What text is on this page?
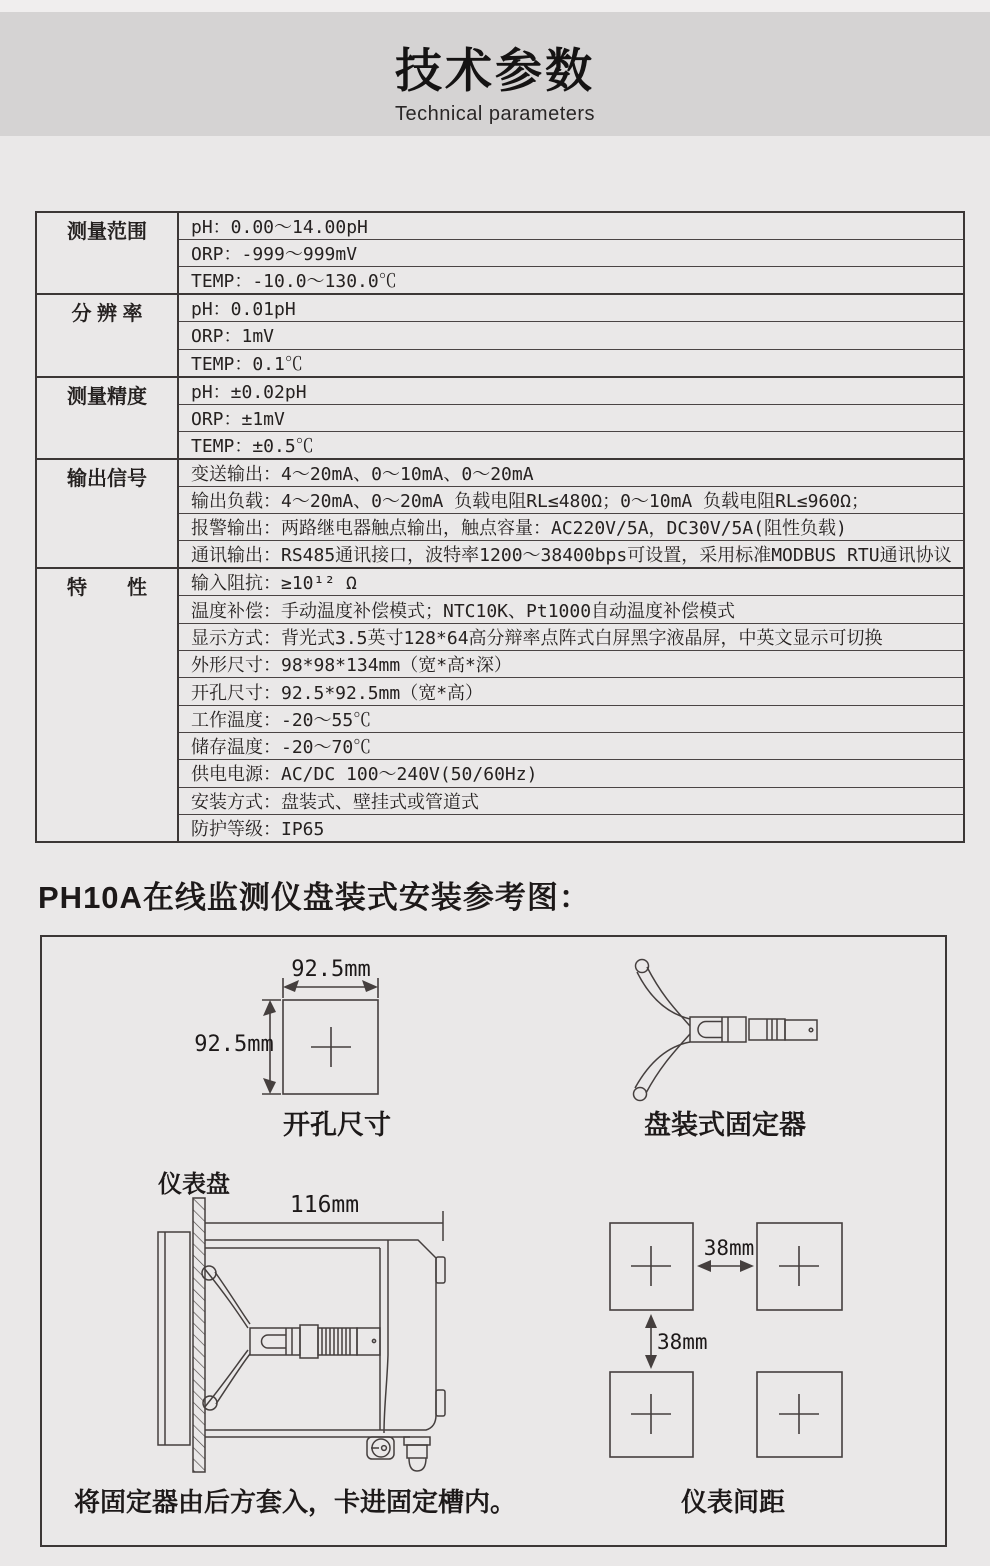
技术参数
Technical parameters
测量范围	pH：0.00～14.00pH
	ORP：-999～999mV
	TEMP：-10.0～130.0℃
分 辨 率	pH：0.01pH
	ORP：1mV
	TEMP：0.1℃
测量精度	pH：±0.02pH
	ORP：±1mV
	TEMP：±0.5℃
输出信号	变送输出：4～20mA、0～10mA、0～20mA
	输出负载：4～20mA、0～20mA 负载电阻RL≤480Ω；0～10mA 负载电阻RL≤960Ω；
	报警输出：两路继电器触点输出，触点容量：AC220V/5A，DC30V/5A(阻性负载)
	通讯输出：RS485通讯接口，波特率1200～38400bps可设置，采用标准MODBUS RTU通讯协议
特　　性	输入阻抗：≥10¹² Ω
	温度补偿：手动温度补偿模式；NTC10K、Pt1000自动温度补偿模式
	显示方式：背光式3.5英寸128*64高分辩率点阵式白屏黑字液晶屏，中英文显示可切换
	外形尺寸：98*98*134mm（宽*高*深）
	开孔尺寸：92.5*92.5mm（宽*高）
	工作温度：-20～55℃
	储存温度：-20～70℃
	供电电源：AC/DC 100～240V(50/60Hz)
	安装方式：盘装式、壁挂式或管道式
	防护等级：IP65
PH10A在线监测仪盘装式安装参考图：
92.5mm
92.5mm
开孔尺寸	盘装式固定器
仪表盘
116mm
将固定器由后方套入，卡进固定槽内。
38mm
38mm
仪表间距
